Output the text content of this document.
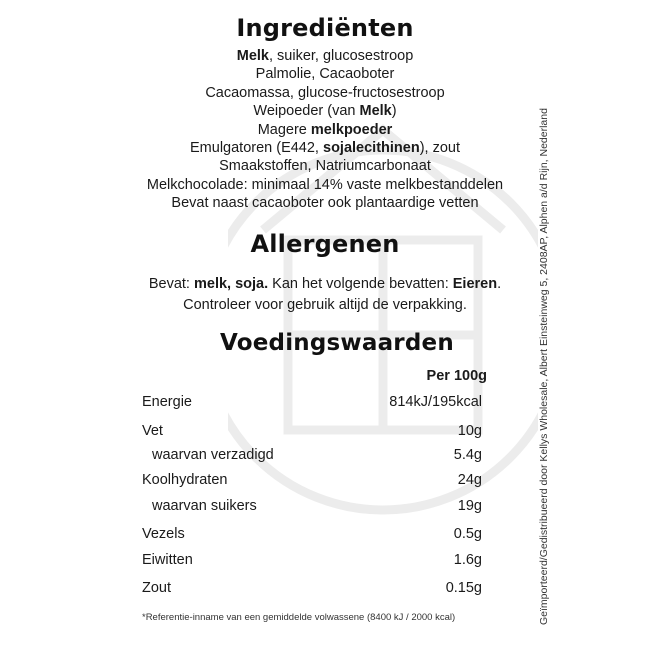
Ingrediënten
Melk, suiker, glucosestroop
Palmolie, Cacaoboter
Cacaomassa, glucose-fructosestroop
Weipoeder (van Melk)
Magere melkpoeder
Emulgatoren (E442, sojalecithinen), zout
Smaakstoffen, Natriumcarbonaat
Melkchocolade: minimaal 14% vaste melkbestanddelen
Bevat naast cacaoboter ook plantaardige vetten
Allergenen
Bevat: melk, soja. Kan het volgende bevatten: Eieren.
Controleer voor gebruik altijd de verpakking.
Voedingswaarden
Per 100g
Energie	814kJ/195kcal
Vet	10g
waarvan verzadigd	5.4g
Koolhydraten	24g
waarvan suikers	19g
Vezels	0.5g
Eiwitten	1.6g
Zout	0.15g
*Referentie-inname van een gemiddelde volwassene (8400 kJ / 2000 kcal)	Geïmporteerd/Gedistribueerd door Kellys Wholesale, Albert Einsteinweg 5, 2408AP, Alphen a/d Rijn, Nederland
